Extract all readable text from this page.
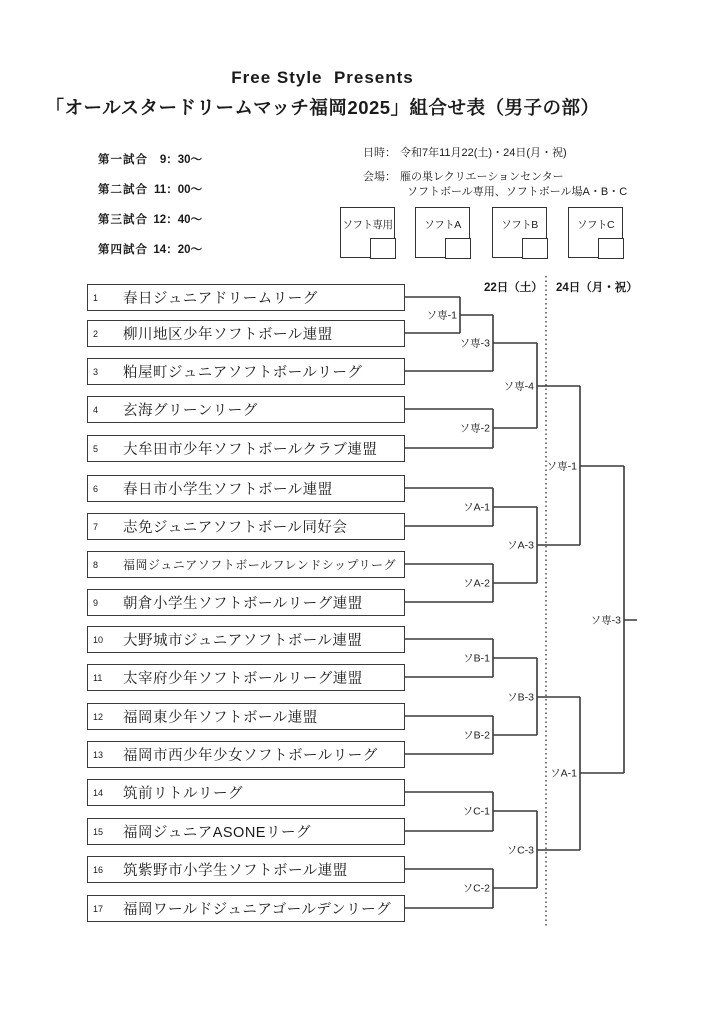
Free Style  Presents
「オールスタードリームマッチ福岡2025」組合せ表（男子の部）
第一試合	9：30～
第二試合 11：00～
第三試合 12：40～
第四試合 14：20～
日時： 令和7年11月22(土)・24日(月・祝)
会場： 雁の巣レクリエーションセンター
ソフトボール専用、ソフトボール場A・B・C
ソフト専用	ソフトA	ソフトB	ソフトC
22日（土） 24日（月・祝）
1	春日ジュニアドリームリーグ
2	柳川地区少年ソフトボール連盟
3	粕屋町ジュニアソフトボールリーグ
4	玄海グリーンリーグ
5	大牟田市少年ソフトボールクラブ連盟
6	春日市小学生ソフトボール連盟
7	志免ジュニアソフトボール同好会
8	福岡ジュニアソフトボールフレンドシップリーグ
9	朝倉小学生ソフトボールリーグ連盟
10	大野城市ジュニアソフトボール連盟
11	太宰府少年ソフトボールリーグ連盟
12	福岡東少年ソフトボール連盟
13	福岡市西少年少女ソフトボールリーグ
14	筑前リトルリーグ
15	福岡ジュニアASONEリーグ
16	筑紫野市小学生ソフトボール連盟
17	福岡ワールドジュニアゴールデンリーグ
ソ専-1
ソ専-3
ソ専-2
ソ専-4
ソA-1
ソA-2
ソA-3
ソ専-1
ソB-1
ソB-2
ソB-3
ソC-1
ソC-2
ソC-3
ソA-1
ソ専-3
